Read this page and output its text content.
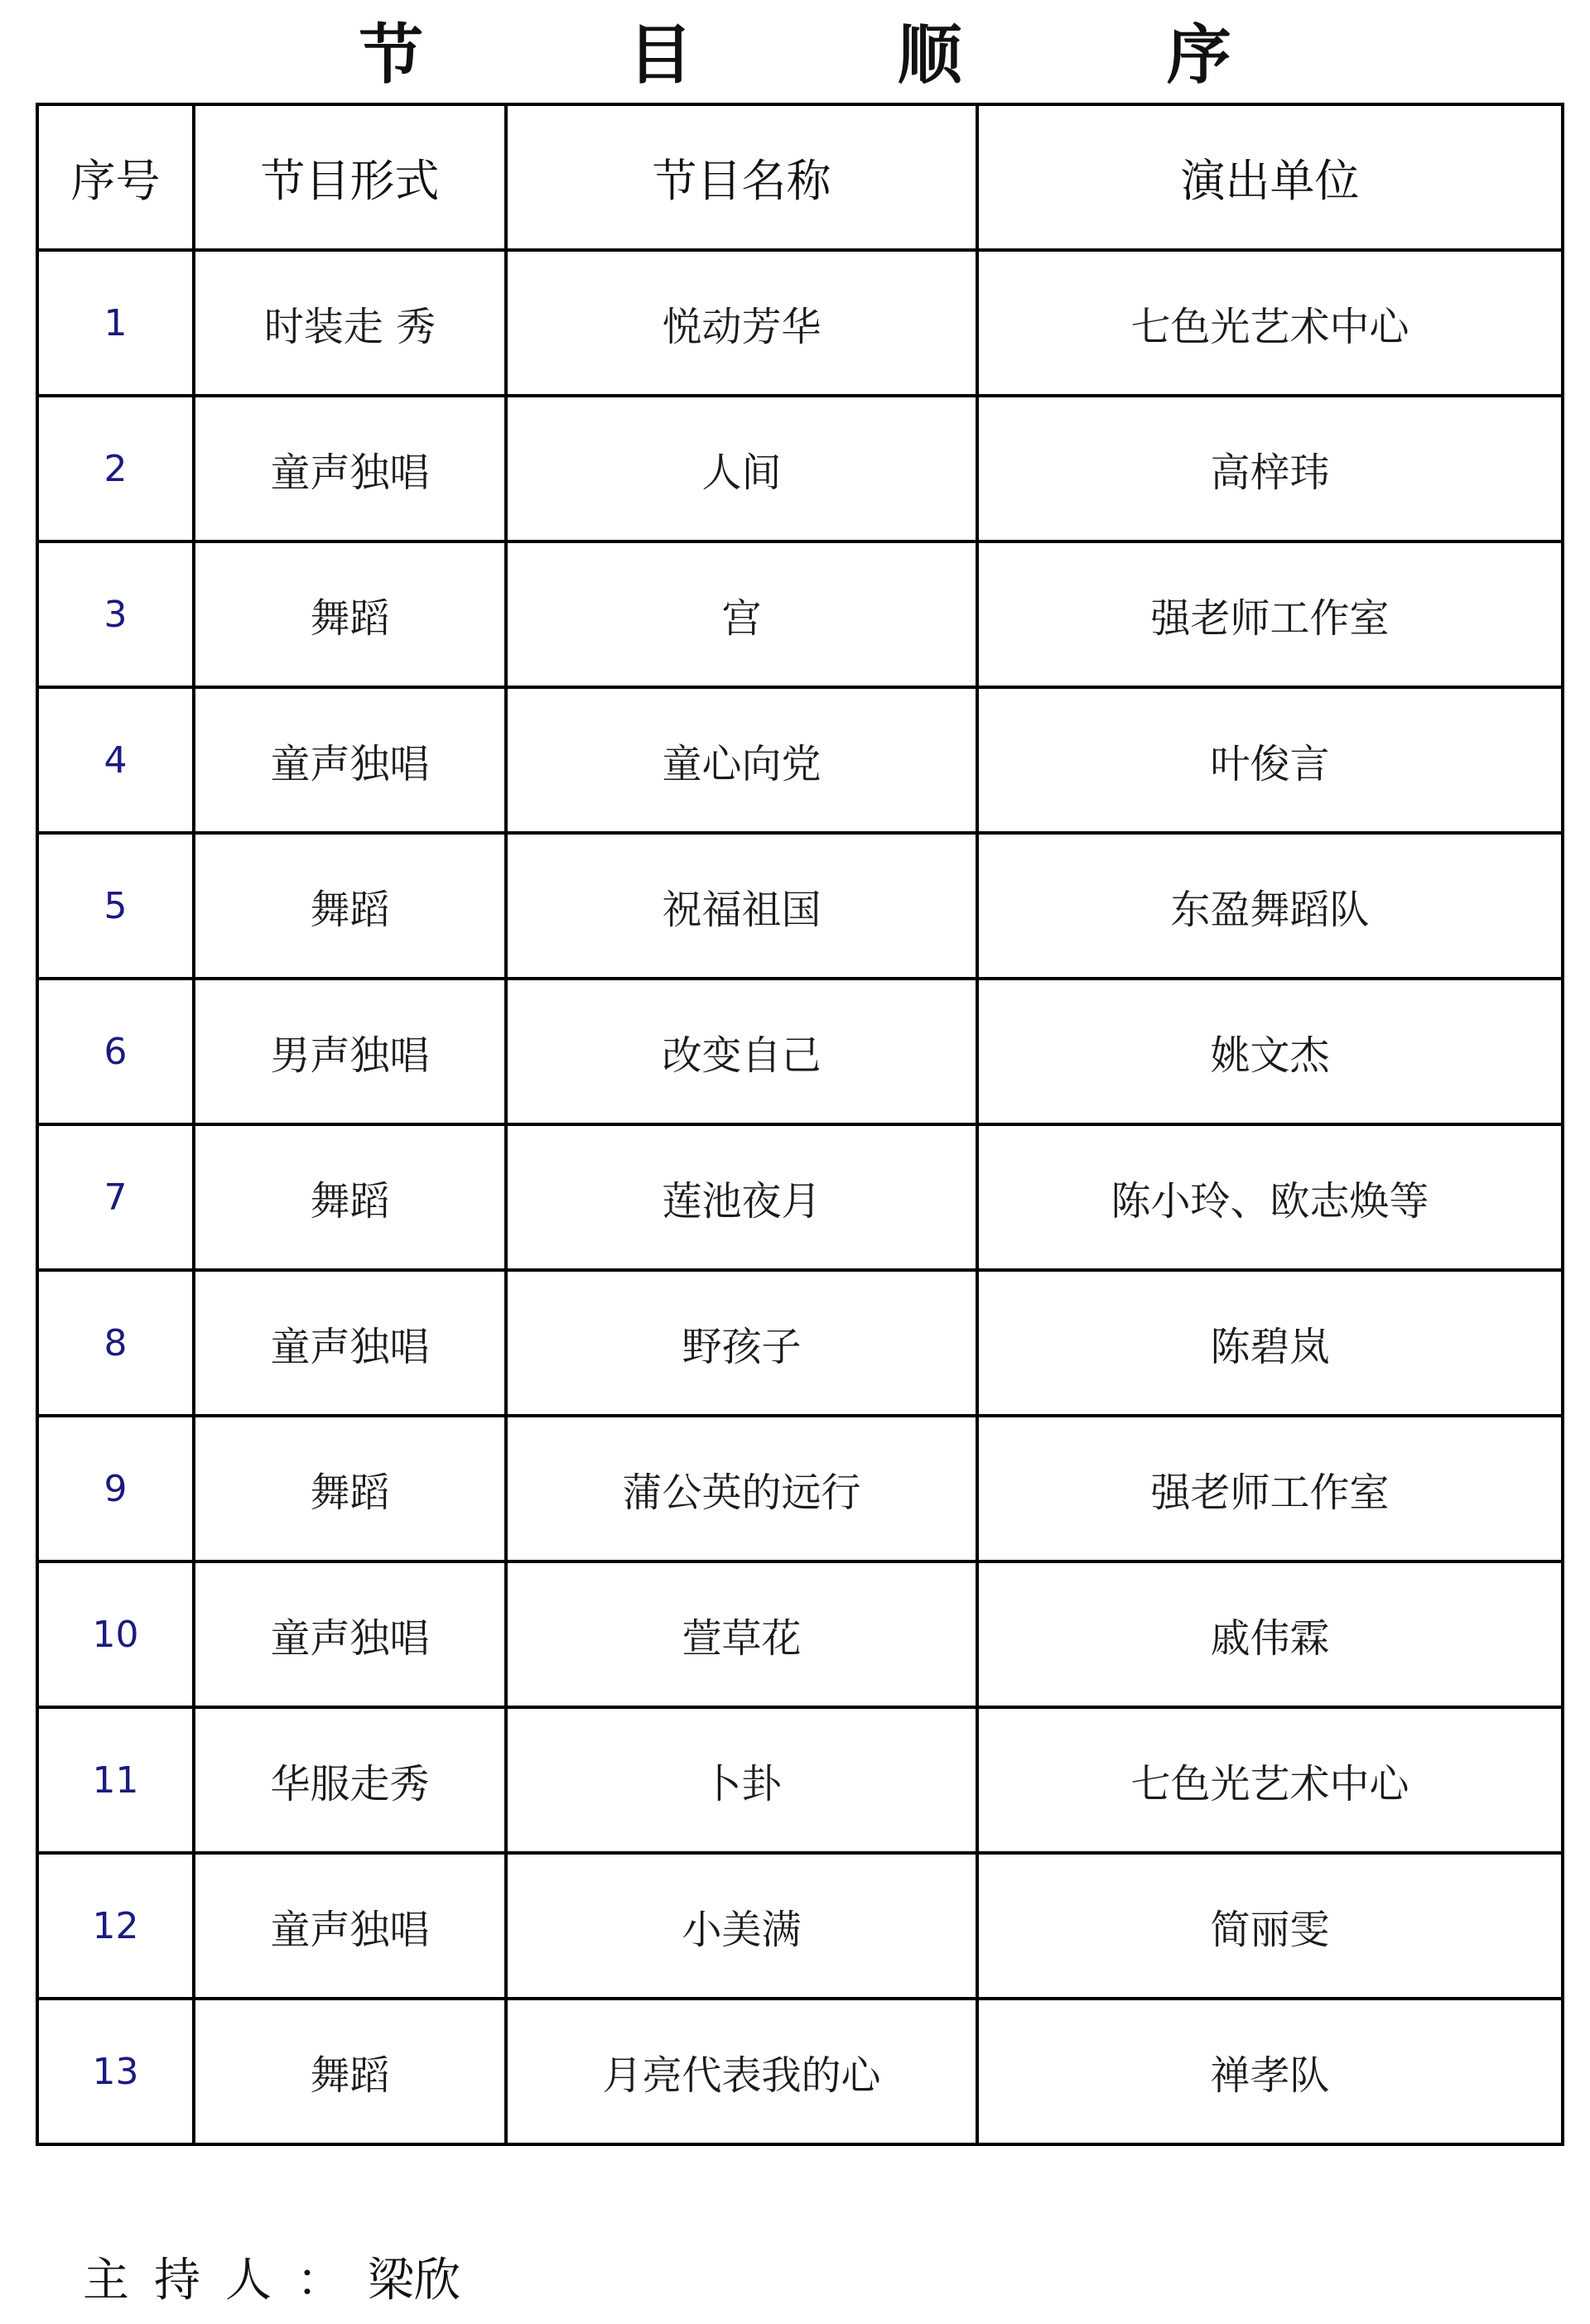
节 目 顺 序
序号	节目形式	节目名称	演出单位
1	时装走 秀	悦动芳华	七色光艺术中心
2	童声独唱	人间	高梓玮
3	舞蹈	宫	强老师工作室
4	童声独唱	童心向党	叶俊言
5	舞蹈	祝福祖国	东盈舞蹈队
6	男声独唱	改变自己	姚文杰
7	舞蹈	莲池夜月	陈小玲、欧志焕等
8	童声独唱	野孩子	陈碧岚
9	舞蹈	蒲公英的远行	强老师工作室
10	童声独唱	萱草花	戚伟霖
11	华服走秀	卜卦	七色光艺术中心
12	童声独唱	小美满	简丽雯
13	舞蹈	月亮代表我的心	禅孝队
主持人： 梁欣
